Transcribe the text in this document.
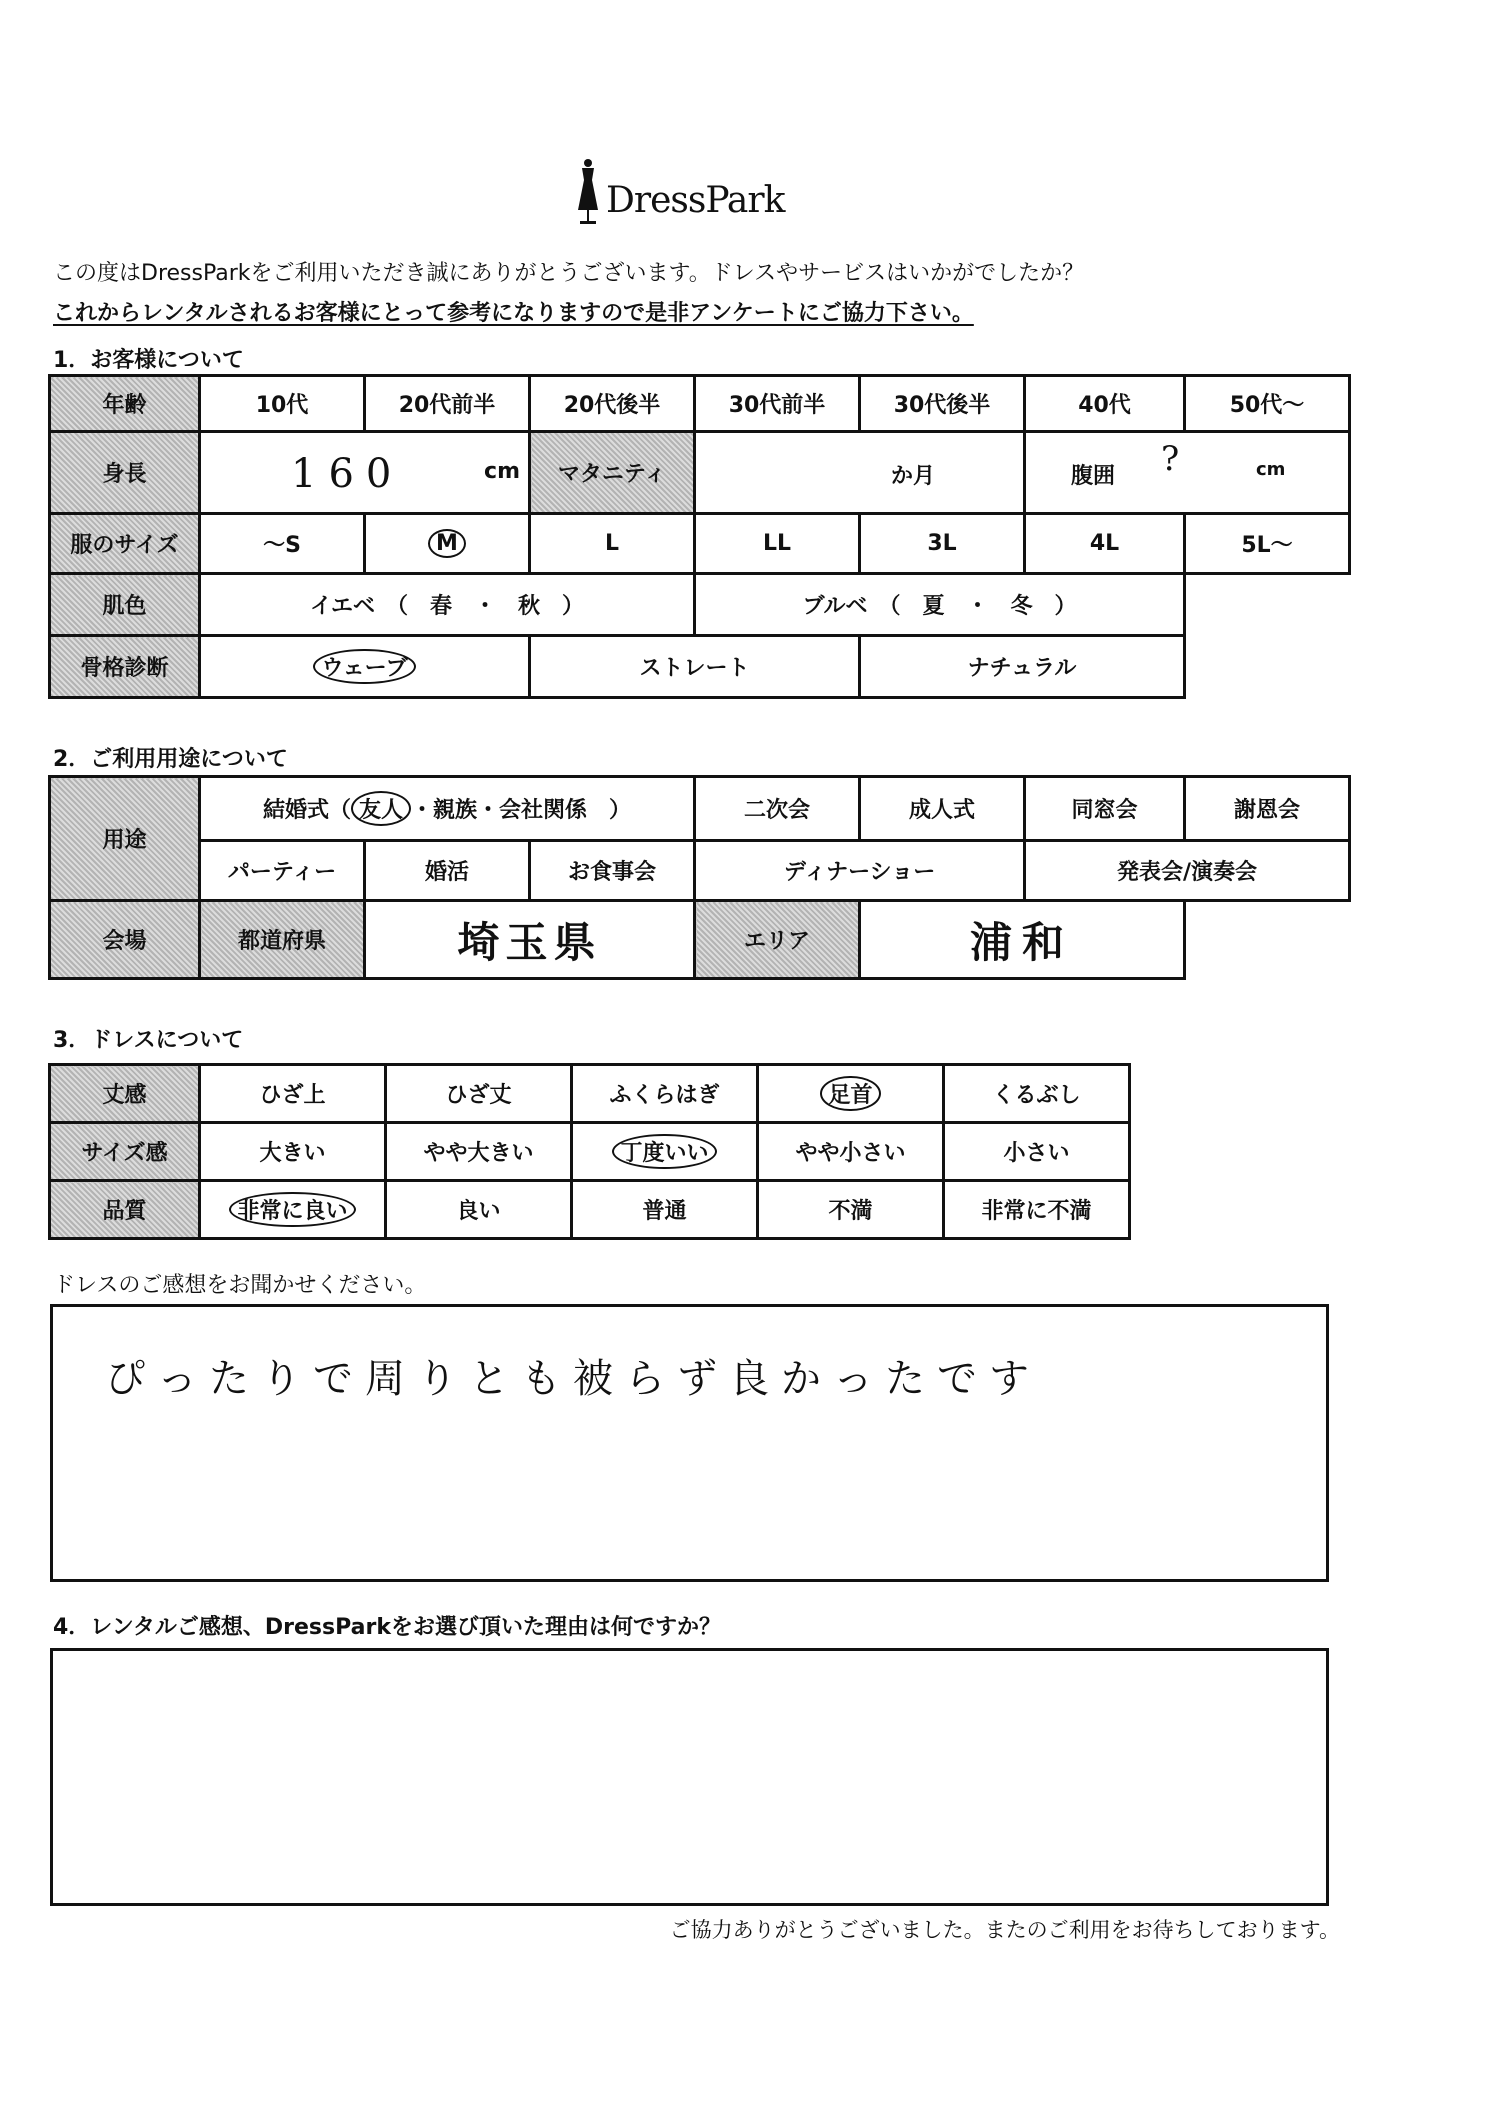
DressPark
この度はDressParkをご利用いただき誠にありがとうございます。ドレスやサービスはいかがでしたか？
これからレンタルされるお客様にとって参考になりますので是非アンケートにご協力下さい。
1．お客様について
年齢	10代	20代前半	20代後半	30代前半	30代後半	40代	50代～
身長	160 cm		マタニティ	か月		腹囲 ? cm	

服のサイズ	～S	M	L	LL	3L	4L	5L～
肌色	イエベ　（　春　・　秋　）			ブルベ　（　夏　・　冬　）			
骨格診断	ウェーブ		ストレート		ナチュラル		
2．ご利用用途について
用途	結婚式（ 友人 ・親族・会社関係　）			二次会	成人式	同窓会	謝恩会
	パーティー	婚活	お食事会	ディナーショー		発表会/演奏会	
会場	都道府県	埼玉県		エリア	浦和		
3．ドレスについて
丈感	ひざ上	ひざ丈	ふくらはぎ	足首	くるぶし
サイズ感	大きい	やや大きい	丁度いい	やや小さい	小さい
品質	非常に良い	良い	普通	不満	非常に不満
ドレスのご感想をお聞かせください。
ぴったりで周りとも被らず良かったです
4．レンタルご感想、DressParkをお選び頂いた理由は何ですか？
ご協力ありがとうございました。またのご利用をお待ちしております。
